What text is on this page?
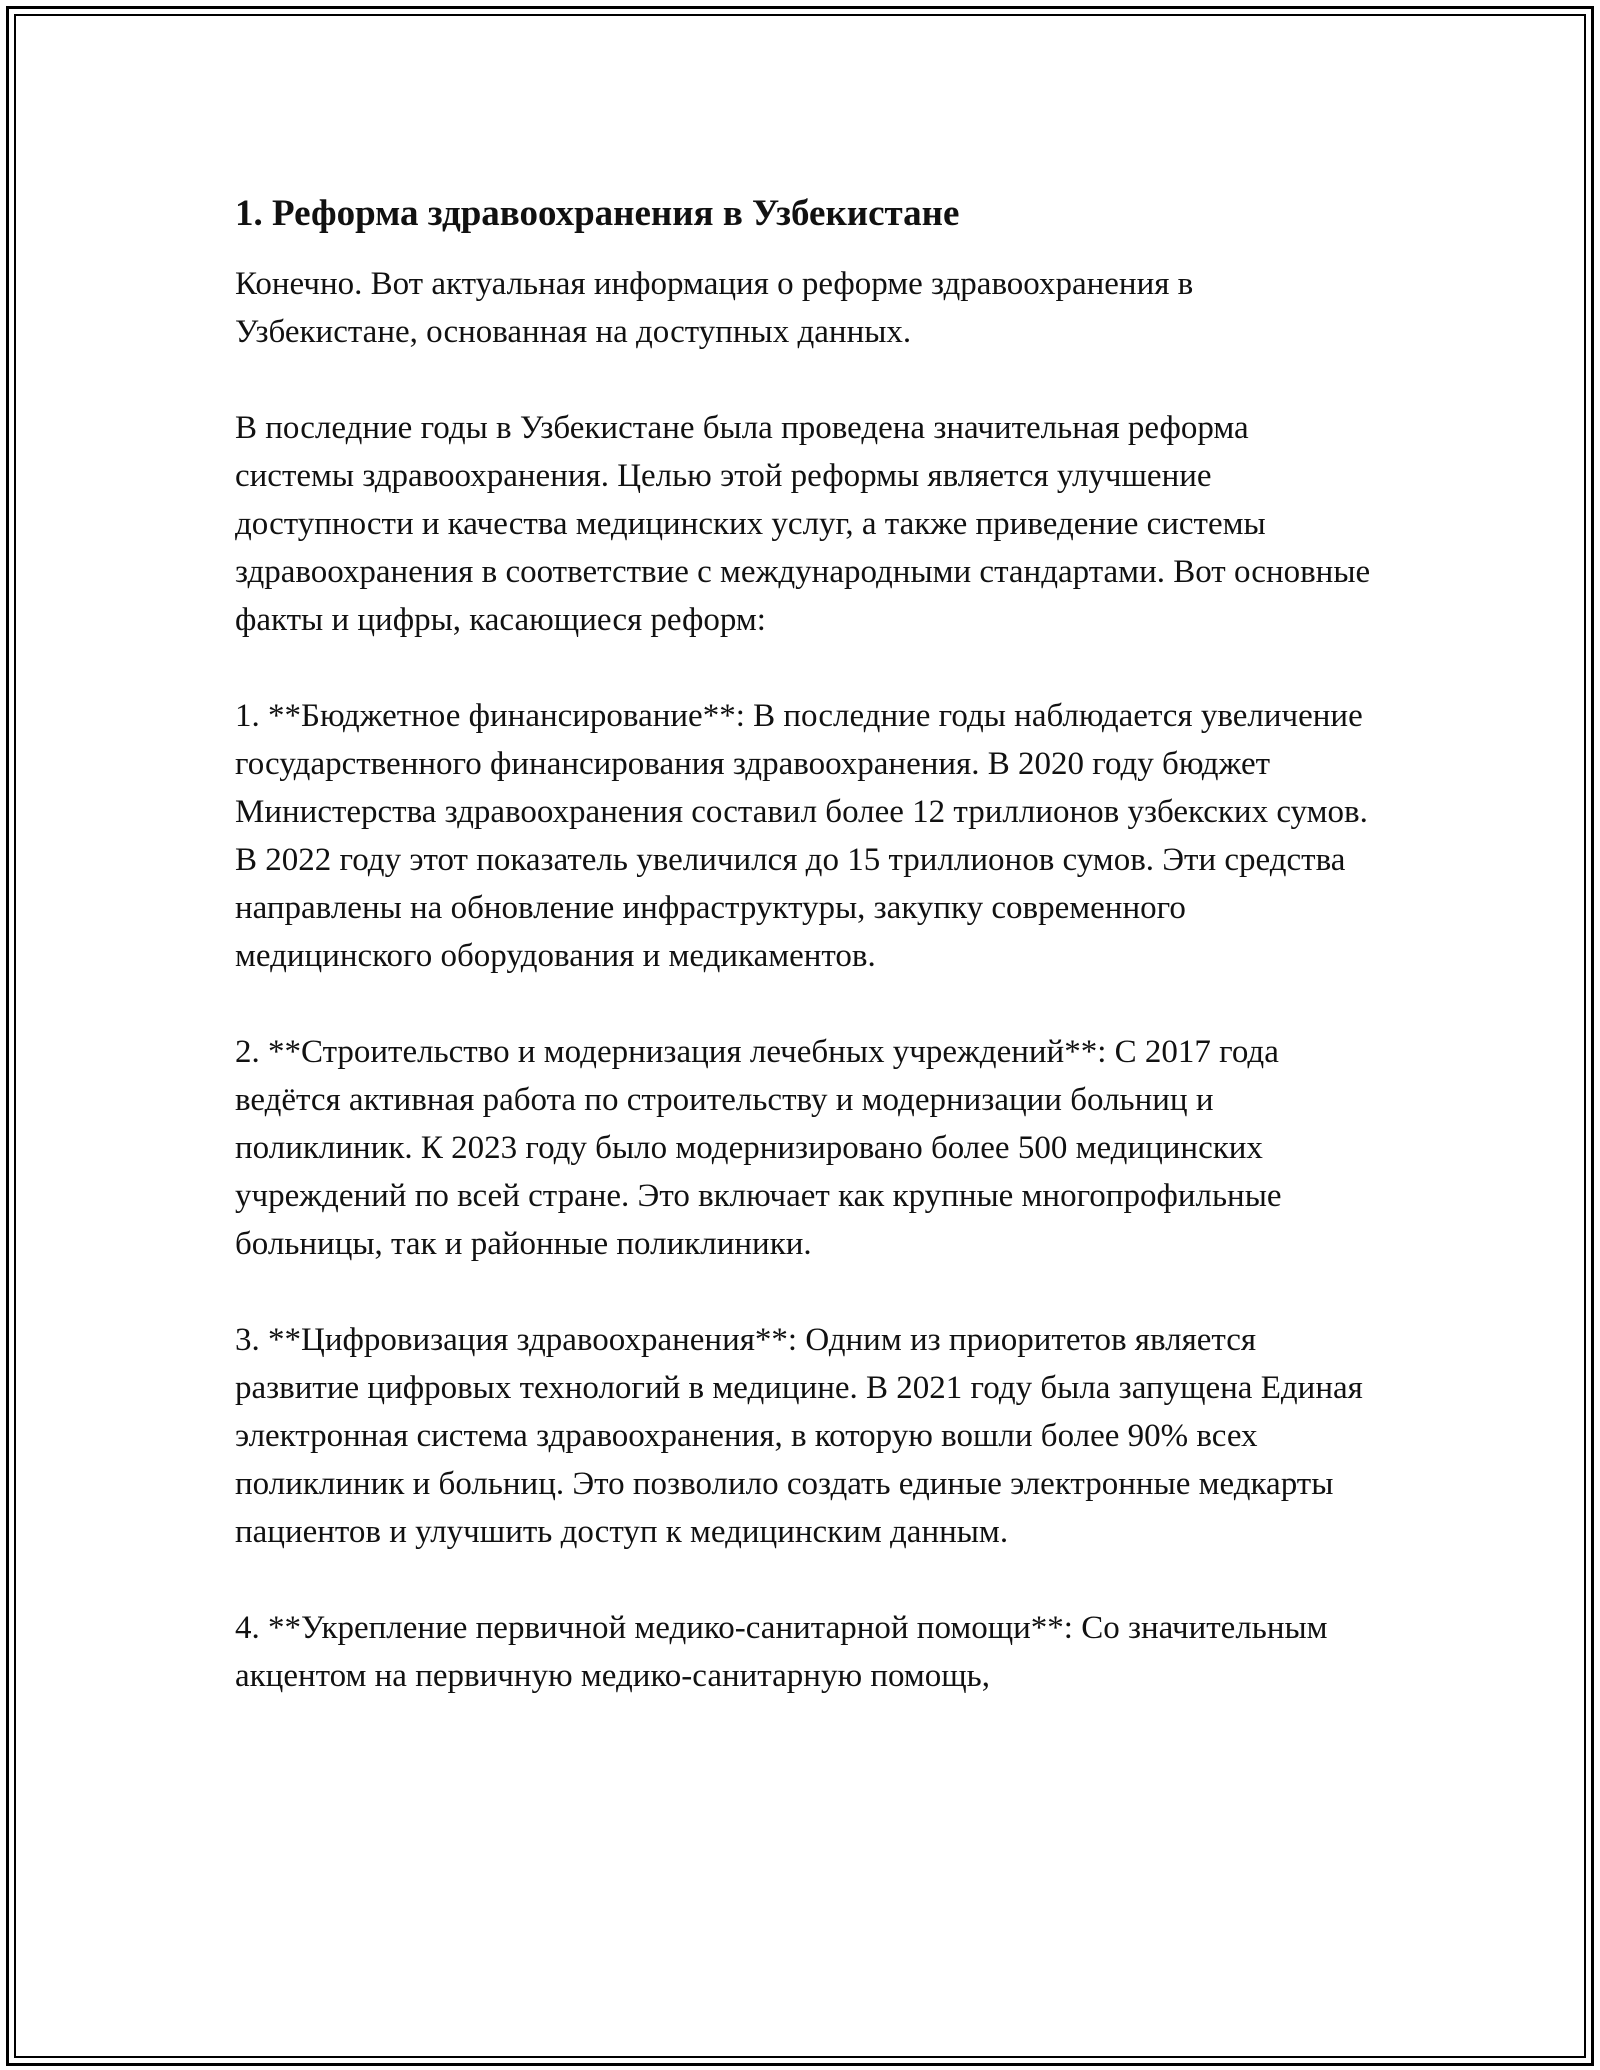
1. Реформа здравоохранения в Узбекистане

Конечно. Вот актуальная информация о реформе здравоохранения в Узбекистане, основанная на доступных данных.

В последние годы в Узбекистане была проведена значительная реформа системы здравоохранения. Целью этой реформы является улучшение доступности и качества медицинских услуг, а также приведение системы здравоохранения в соответствие с международными стандартами. Вот основные факты и цифры, касающиеся реформ:

1. **Бюджетное финансирование**: В последние годы наблюдается увеличение государственного финансирования здравоохранения. В 2020 году бюджет Министерства здравоохранения составил более 12 триллионов узбекских сумов. В 2022 году этот показатель увеличился до 15 триллионов сумов. Эти средства направлены на обновление инфраструктуры, закупку современного медицинского оборудования и медикаментов.

2. **Строительство и модернизация лечебных учреждений**: С 2017 года ведётся активная работа по строительству и модернизации больниц и поликлиник. К 2023 году было модернизировано более 500 медицинских учреждений по всей стране. Это включает как крупные многопрофильные больницы, так и районные поликлиники.

3. **Цифровизация здравоохранения**: Одним из приоритетов является развитие цифровых технологий в медицине. В 2021 году была запущена Единая электронная система здравоохранения, в которую вошли более 90% всех поликлиник и больниц. Это позволило создать единые электронные медкарты пациентов и улучшить доступ к медицинским данным.

4. **Укрепление первичной медико-санитарной помощи**: Со значительным акцентом на первичную медико-санитарную помощь,
